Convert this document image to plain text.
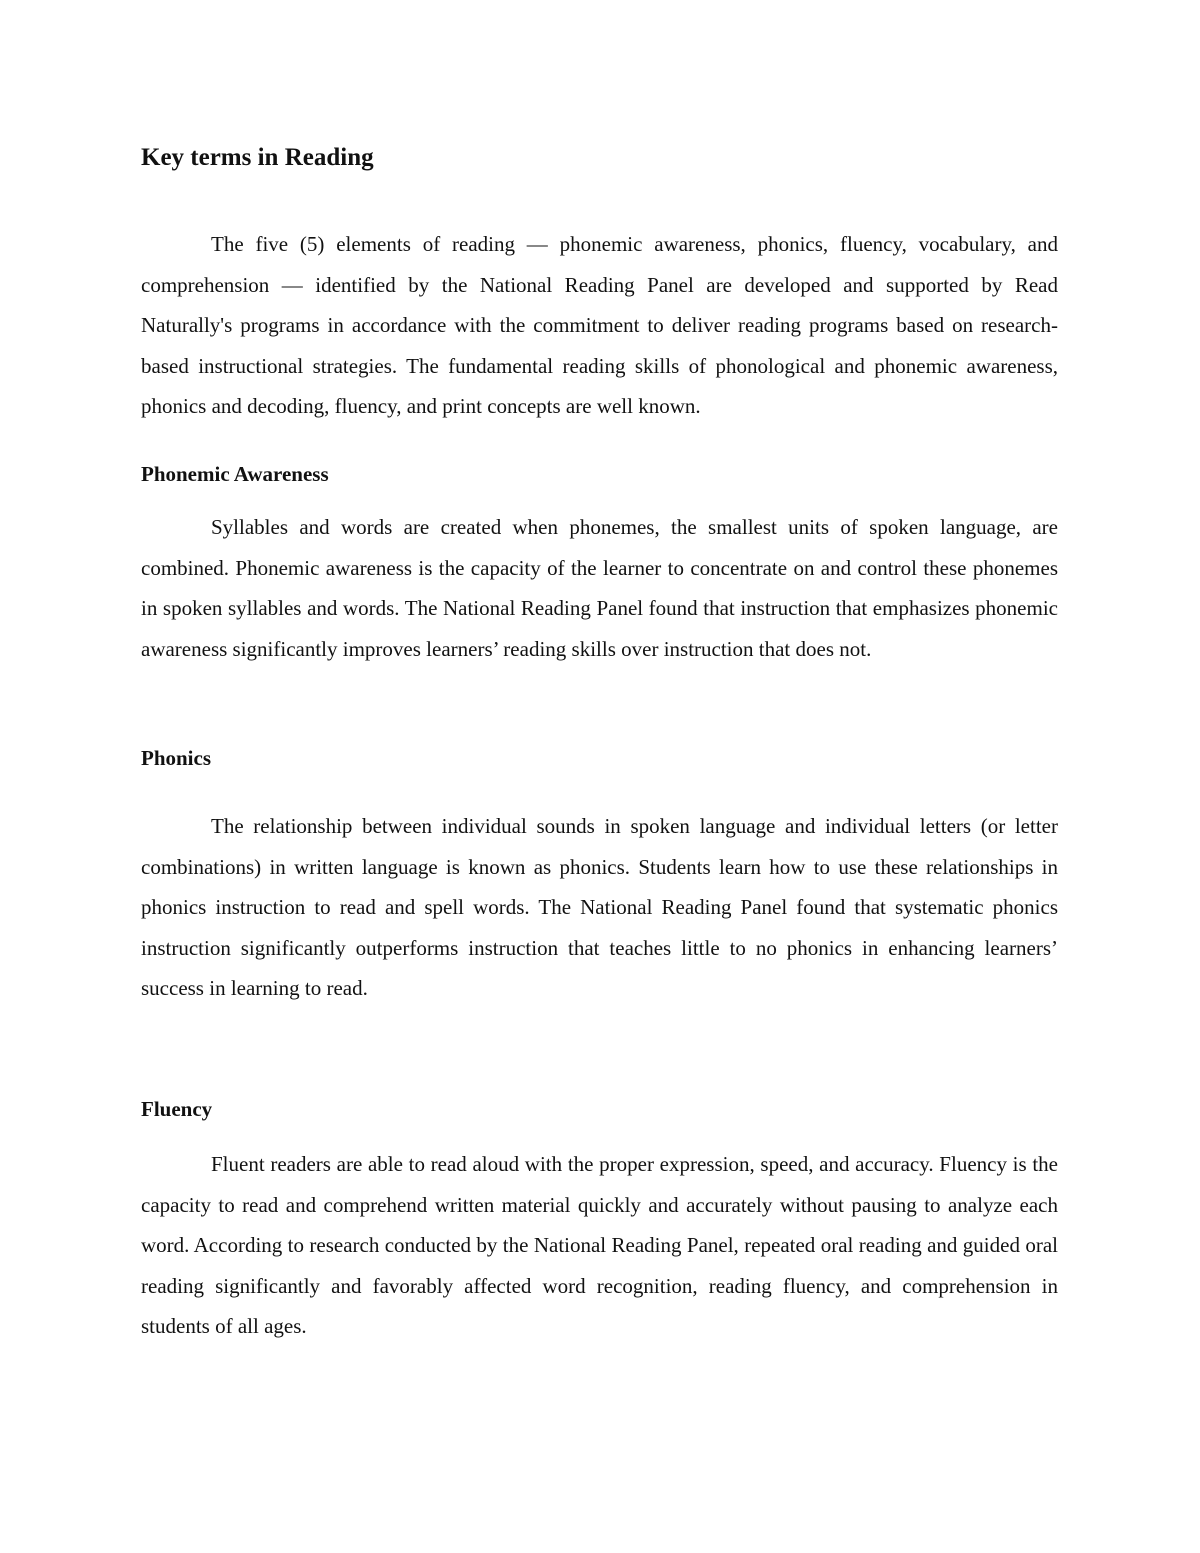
Key terms in Reading

The five (5) elements of reading — phonemic awareness, phonics, fluency, vocabulary, and comprehension — identified by the National Reading Panel are developed and supported by Read Naturally's programs in accordance with the commitment to deliver reading programs based on research-based instructional strategies. The fundamental reading skills of phonological and phonemic awareness, phonics and decoding, fluency, and print concepts are well known.

Phonemic Awareness

Syllables and words are created when phonemes, the smallest units of spoken language, are combined. Phonemic awareness is the capacity of the learner to concentrate on and control these phonemes in spoken syllables and words. The National Reading Panel found that instruction that emphasizes phonemic awareness significantly improves learners’ reading skills over instruction that does not.

Phonics

The relationship between individual sounds in spoken language and individual letters (or letter combinations) in written language is known as phonics. Students learn how to use these relationships in phonics instruction to read and spell words. The National Reading Panel found that systematic phonics instruction significantly outperforms instruction that teaches little to no phonics in enhancing learners’ success in learning to read.

Fluency

Fluent readers are able to read aloud with the proper expression, speed, and accuracy. Fluency is the capacity to read and comprehend written material quickly and accurately without pausing to analyze each word. According to research conducted by the National Reading Panel, repeated oral reading and guided oral reading significantly and favorably affected word recognition, reading fluency, and comprehension in students of all ages.
